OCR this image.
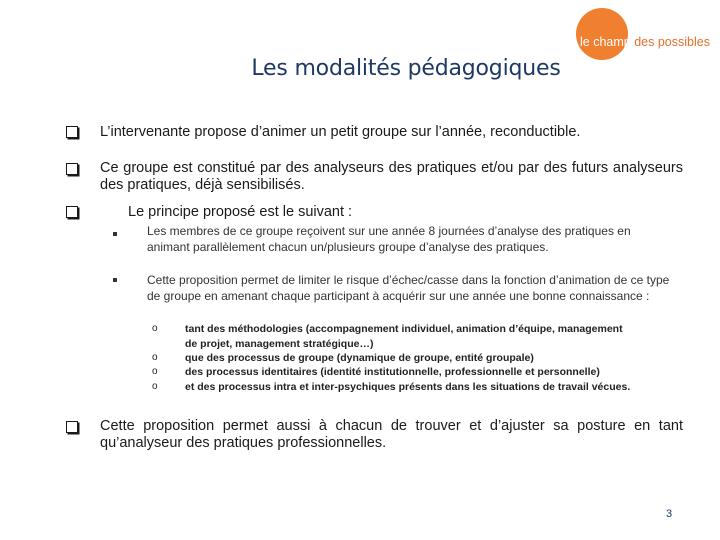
le champ des possibles
Les modalités pédagogiques
L’intervenante propose d’animer un petit groupe sur l’année, reconductible.
Ce groupe est constitué par des analyseurs des pratiques et/ou par des futurs analyseurs des pratiques, déjà sensibilisés.
Le principe proposé est le suivant :
Les membres de ce groupe reçoivent sur une année 8 journées d’analyse des pratiques en animant parallèlement chacun un/plusieurs groupe d’analyse des pratiques.
Cette proposition permet de limiter le risque d’échec/casse dans la fonction d’animation de ce type de groupe en amenant chaque participant à acquérir sur une année une bonne connaissance :
o	tant des méthodologies (accompagnement individuel, animation d’équipe, management de projet, management stratégique…)
o	que des processus de groupe (dynamique de groupe, entité groupale)
o	des processus identitaires (identité institutionnelle, professionnelle et personnelle)
o	et des processus intra et inter-psychiques présents dans les situations de travail vécues.
Cette proposition permet aussi à chacun de trouver et d’ajuster sa posture en tant qu’analyseur des pratiques professionnelles.
3
